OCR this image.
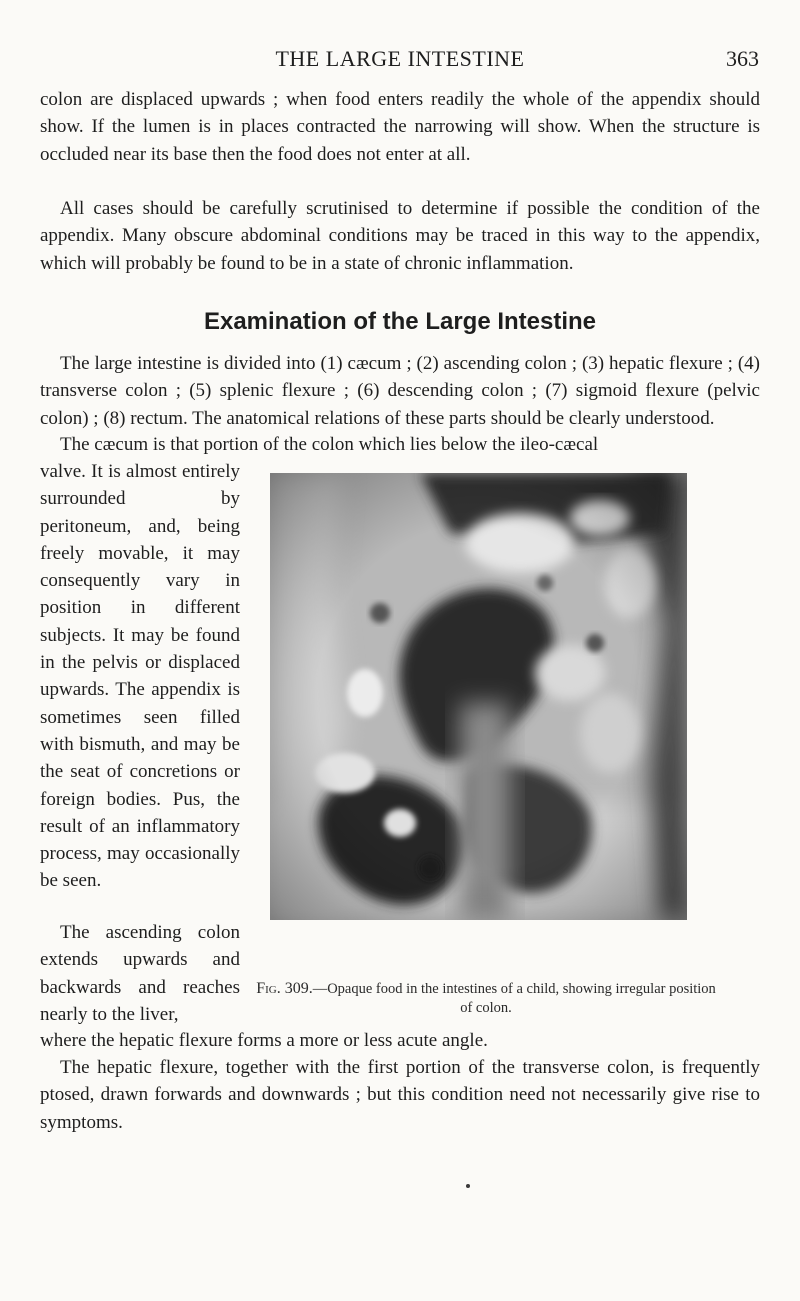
THE LARGE INTESTINE	363

colon are displaced upwards ; when food enters readily the whole of the appendix should show. If the lumen is in places contracted the narrowing will show. When the structure is occluded near its base then the food does not enter at all.

All cases should be carefully scrutinised to determine if possible the condition of the appendix. Many obscure abdominal conditions may be traced in this way to the appendix, which will probably be found to be in a state of chronic inflammation.

Examination of the Large Intestine

The large intestine is divided into (1) cæcum ; (2) ascending colon ; (3) hepatic flexure ; (4) transverse colon ; (5) splenic flexure ; (6) descending colon ; (7) sigmoid flexure (pelvic colon) ; (8) rectum. The anatomical relations of these parts should be clearly understood.

The cæcum is that portion of the colon which lies below the ileo-cæcal

valve. It is almost entirely surrounded by peritoneum, and, being freely movable, it may consequently vary in position in different subjects. It may be found in the pelvis or displaced upwards. The appendix is sometimes seen filled with bismuth, and may be the seat of concretions or foreign bodies. Pus, the result of an inflammatory process, may occasionally be seen.

The ascending colon extends upwards and backwards and reaches nearly to the liver,

where the hepatic flexure forms a more or less acute angle.

The hepatic flexure, together with the first portion of the transverse colon, is frequently ptosed, drawn forwards and downwards ; but this condition need not necessarily give rise to symptoms.

Fig. 309.—Opaque food in the intestines of a child, showing irregular position of colon.
